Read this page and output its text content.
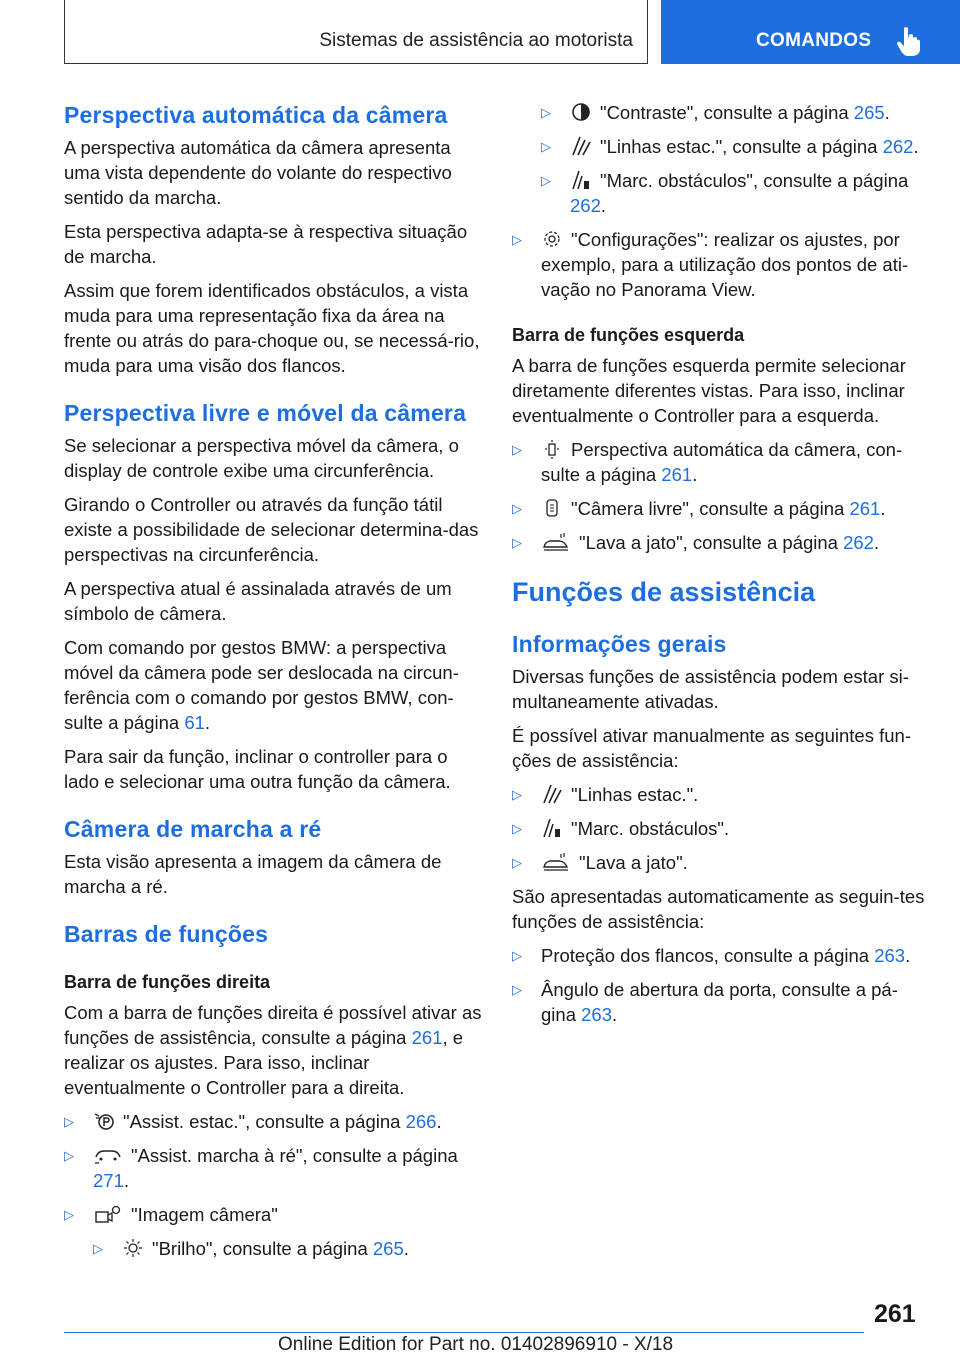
Sistemas de assistência ao motorista	COMANDOS
Perspectiva automática da câmera

A perspectiva automática da câmera apresenta uma vista dependente do volante do respectivo sentido da marcha.

Esta perspectiva adapta-se à respectiva situação de marcha.

Assim que forem identificados obstáculos, a vista muda para uma representação fixa da área na frente ou atrás do para-choque ou, se necessá-rio, muda para uma visão dos flancos.

Perspectiva livre e móvel da câmera

Se selecionar a perspectiva móvel da câmera, o display de controle exibe uma circunferência.

Girando o Controller ou através da função tátil existe a possibilidade de selecionar determina-das perspectivas na circunferência.

A perspectiva atual é assinalada através de um símbolo de câmera.

Com comando por gestos BMW: a perspectiva móvel da câmera pode ser deslocada na circun-ferência com o comando por gestos BMW, con-sulte a página 61.

Para sair da função, inclinar o controller para o lado e selecionar uma outra função da câmera.

Câmera de marcha a ré

Esta visão apresenta a imagem da câmera de marcha a ré.

Barras de funções
Barra de funções direita

Com a barra de funções direita é possível ativar as funções de assistência, consulte a página 261, e realizar os ajustes. Para isso, inclinar eventualmente o Controller para a direita.

▷	"Assist. estac.", consulte a página 266.
▷	"Assist. marcha à ré", consulte a página 271.
▷	"Imagem câmera"
▷	"Brilho", consulte a página 265.
▷	"Contraste", consulte a página 265.
▷	"Linhas estac.", consulte a página 262.
▷	"Marc. obstáculos", consulte a página 262.
▷	"Configurações": realizar os ajustes, por exemplo, para a utilização dos pontos de ati-vação no Panorama View.
Barra de funções esquerda

A barra de funções esquerda permite selecionar diretamente diferentes vistas. Para isso, inclinar eventualmente o Controller para a esquerda.

▷	Perspectiva automática da câmera, con-sulte a página 261.
▷	"Câmera livre", consulte a página 261.
▷	"Lava a jato", consulte a página 262.
Funções de assistência
Informações gerais

Diversas funções de assistência podem estar si-multaneamente ativadas.

É possível ativar manualmente as seguintes fun-ções de assistência:

▷	"Linhas estac.".
▷	"Marc. obstáculos".
▷	"Lava a jato".

São apresentadas automaticamente as seguin-tes funções de assistência:

▷ Proteção dos flancos, consulte a página 263.
▷ Ângulo de abertura da porta, consulte a pá-gina 263.
261
Online Edition for Part no. 01402896910 - X/18
